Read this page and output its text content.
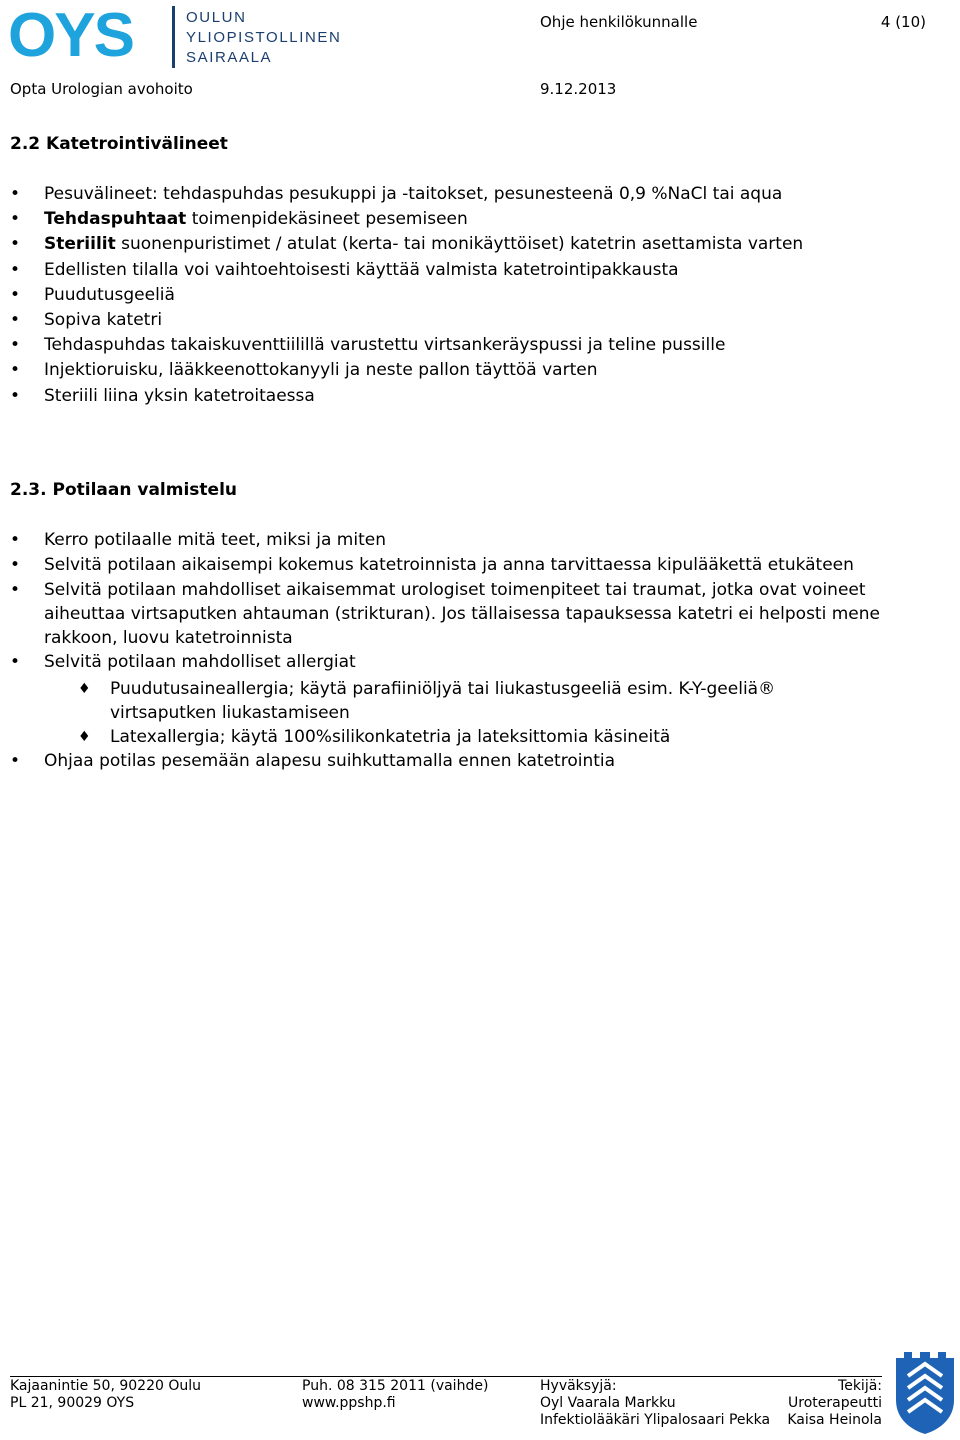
OYS	OULUN
YLIOPISTOLLINEN
SAIRAALA
Ohje henkilökunnalle	4 (10)
Opta Urologian avohoito	9.12.2013
2.2 Katetrointivälineet
• Pesuvälineet: tehdaspuhdas pesukuppi ja -taitokset, pesunesteenä 0,9 %NaCl tai aqua
• Tehdaspuhtaat toimenpidekäsineet pesemiseen
• Steriilit suonenpuristimet / atulat (kerta- tai monikäyttöiset) katetrin asettamista varten
• Edellisten tilalla voi vaihtoehtoisesti käyttää valmista katetrointipakkausta
• Puudutusgeeliä
• Sopiva katetri
• Tehdaspuhdas takaiskuventtiilillä varustettu virtsankeräyspussi ja teline pussille
• Injektioruisku, lääkkeenottokanyyli ja neste pallon täyttöä varten
• Steriili liina yksin katetroitaessa
2.3. Potilaan valmistelu
• Kerro potilaalle mitä teet, miksi ja miten
• Selvitä potilaan aikaisempi kokemus katetroinnista ja anna tarvittaessa kipulääkettä etukäteen
• Selvitä potilaan mahdolliset aikaisemmat urologiset toimenpiteet tai traumat, jotka ovat voineet aiheuttaa virtsaputken ahtauman (strikturan). Jos tällaisessa tapauksessa katetri ei helposti mene rakkoon, luovu katetroinnista
• Selvitä potilaan mahdolliset allergiat
♦ Puudutusaineallergia; käytä parafiiniöljyä tai liukastusgeeliä esim. K-Y-geeliä® virtsaputken liukastamiseen
♦ Latexallergia; käytä 100%silikonkatetria ja lateksittomia käsineitä
• Ohjaa potilas pesemään alapesu suihkuttamalla ennen katetrointia
Kajaanintie 50, 90220 Oulu
PL 21, 90029 OYS
Puh. 08 315 2011 (vaihde)
www.ppshp.fi
Hyväksyjä:
Oyl Vaarala Markku
Infektiolääkäri Ylipalosaari Pekka
Tekijä:
Uroterapeutti
Kaisa Heinola
